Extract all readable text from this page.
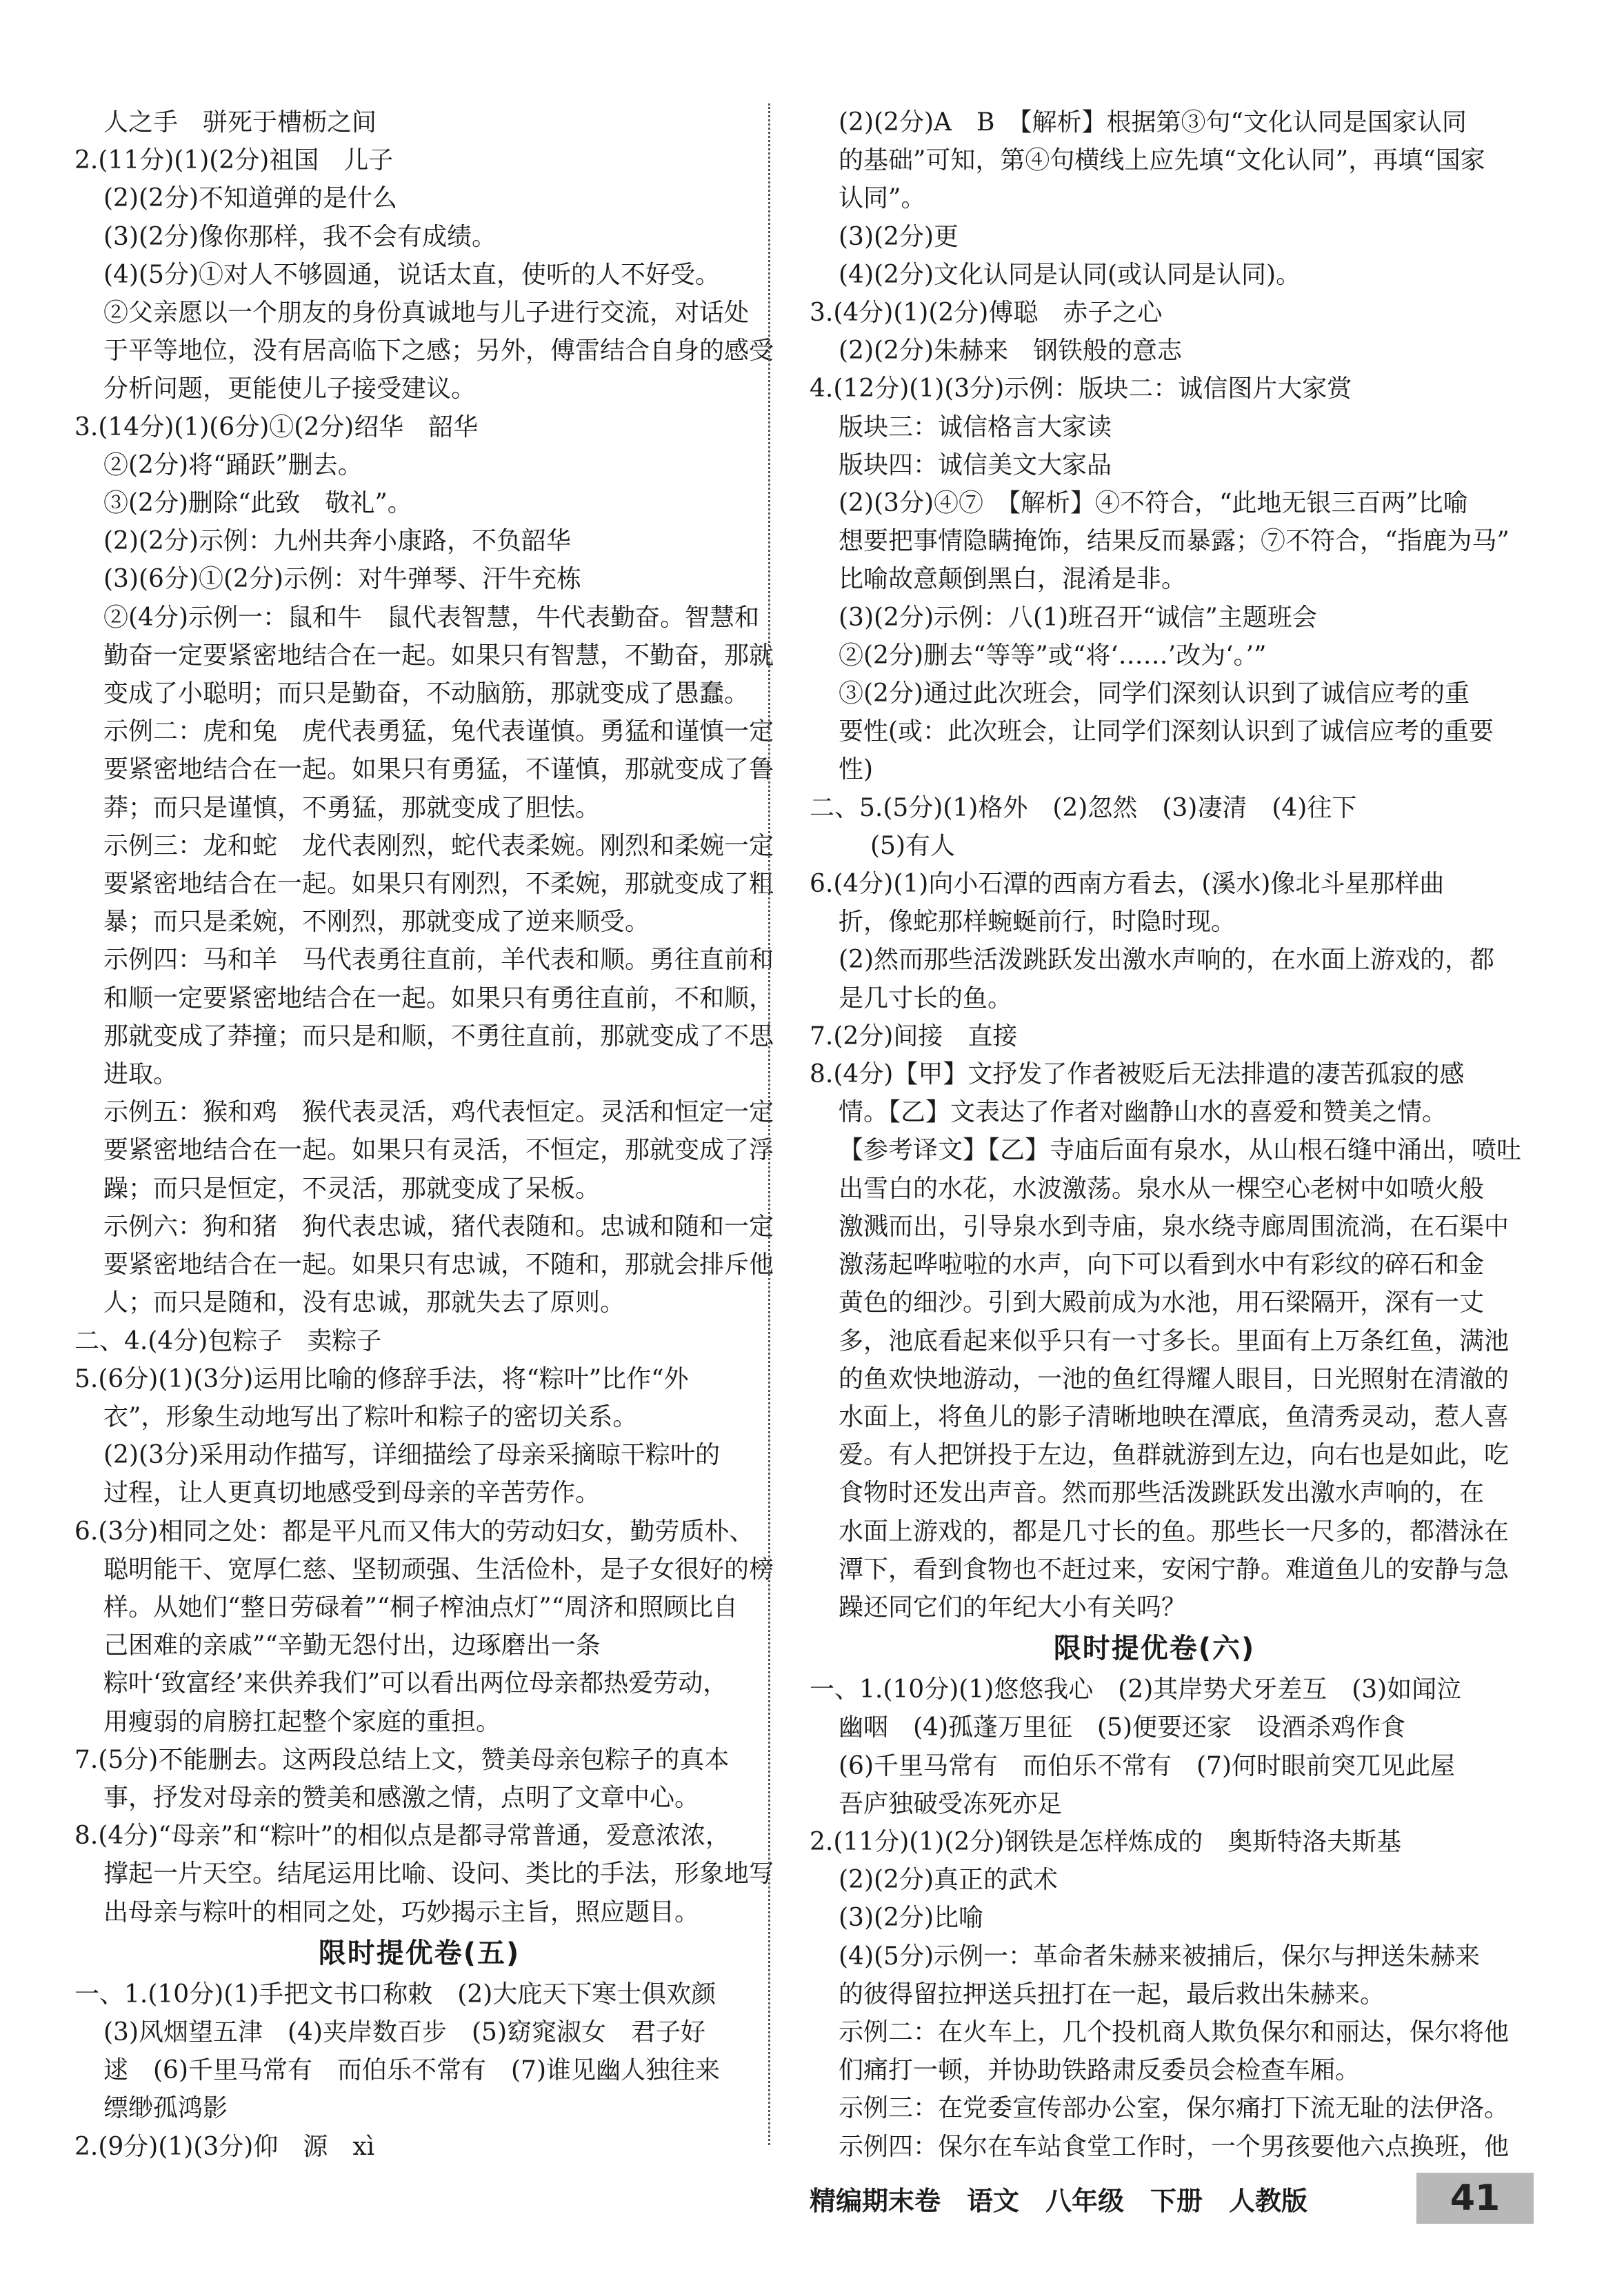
人之手　骈死于槽枥之间
2.(11分)(1)(2分)祖国　儿子
(2)(2分)不知道弹的是什么
(3)(2分)像你那样，我不会有成绩。
(4)(5分)①对人不够圆通，说话太直，使听的人不好受。
②父亲愿以一个朋友的身份真诚地与儿子进行交流，对话处
于平等地位，没有居高临下之感；另外，傅雷结合自身的感受
分析问题，更能使儿子接受建议。
3.(14分)(1)(6分)①(2分)绍华　韶华
②(2分)将“踊跃”删去。
③(2分)删除“此致　敬礼”。
(2)(2分)示例：九州共奔小康路，不负韶华
(3)(6分)①(2分)示例：对牛弹琴、汗牛充栋
②(4分)示例一：鼠和牛　鼠代表智慧，牛代表勤奋。智慧和
勤奋一定要紧密地结合在一起。如果只有智慧，不勤奋，那就
变成了小聪明；而只是勤奋，不动脑筋，那就变成了愚蠢。
示例二：虎和兔　虎代表勇猛，兔代表谨慎。勇猛和谨慎一定
要紧密地结合在一起。如果只有勇猛，不谨慎，那就变成了鲁
莽；而只是谨慎，不勇猛，那就变成了胆怯。
示例三：龙和蛇　龙代表刚烈，蛇代表柔婉。刚烈和柔婉一定
要紧密地结合在一起。如果只有刚烈，不柔婉，那就变成了粗
暴；而只是柔婉，不刚烈，那就变成了逆来顺受。
示例四：马和羊　马代表勇往直前，羊代表和顺。勇往直前和
和顺一定要紧密地结合在一起。如果只有勇往直前，不和顺，
那就变成了莽撞；而只是和顺，不勇往直前，那就变成了不思
进取。
示例五：猴和鸡　猴代表灵活，鸡代表恒定。灵活和恒定一定
要紧密地结合在一起。如果只有灵活，不恒定，那就变成了浮
躁；而只是恒定，不灵活，那就变成了呆板。
示例六：狗和猪　狗代表忠诚，猪代表随和。忠诚和随和一定
要紧密地结合在一起。如果只有忠诚，不随和，那就会排斥他
人；而只是随和，没有忠诚，那就失去了原则。
二、4.(4分)包粽子　卖粽子
5.(6分)(1)(3分)运用比喻的修辞手法，将“粽叶”比作“外
衣”，形象生动地写出了粽叶和粽子的密切关系。
(2)(3分)采用动作描写，详细描绘了母亲采摘晾干粽叶的
过程，让人更真切地感受到母亲的辛苦劳作。
6.(3分)相同之处：都是平凡而又伟大的劳动妇女，勤劳质朴、
聪明能干、宽厚仁慈、坚韧顽强、生活俭朴，是子女很好的榜
样。从她们“整日劳碌着”“桐子榨油点灯”“周济和照顾比自
己困难的亲戚”“辛勤无怨付出，边琢磨出一条
粽叶‘致富经’来供养我们”可以看出两位母亲都热爱劳动，
用瘦弱的肩膀扛起整个家庭的重担。
7.(5分)不能删去。这两段总结上文，赞美母亲包粽子的真本
事，抒发对母亲的赞美和感激之情，点明了文章中心。
8.(4分)“母亲”和“粽叶”的相似点是都寻常普通，爱意浓浓，
撑起一片天空。结尾运用比喻、设问、类比的手法，形象地写
出母亲与粽叶的相同之处，巧妙揭示主旨，照应题目。
限时提优卷(五)
一、1.(10分)(1)手把文书口称敕　(2)大庇天下寒士俱欢颜
(3)风烟望五津　(4)夹岸数百步　(5)窈窕淑女　君子好
逑　(6)千里马常有　而伯乐不常有　(7)谁见幽人独往来
缥缈孤鸿影
2.(9分)(1)(3分)仰　源　xì
(2)(2分)A　B　【解析】根据第③句“文化认同是国家认同
的基础”可知，第④句横线上应先填“文化认同”，再填“国家
认同”。
(3)(2分)更
(4)(2分)文化认同是认同(或认同是认同)。
3.(4分)(1)(2分)傅聪　赤子之心
(2)(2分)朱赫来　钢铁般的意志
4.(12分)(1)(3分)示例：版块二：诚信图片大家赏
版块三：诚信格言大家读
版块四：诚信美文大家品
(2)(3分)④⑦　【解析】④不符合，“此地无银三百两”比喻
想要把事情隐瞒掩饰，结果反而暴露；⑦不符合，“指鹿为马”
比喻故意颠倒黑白，混淆是非。
(3)(2分)示例：八(1)班召开“诚信”主题班会
②(2分)删去“等等”或“将‘……’改为‘。’”
③(2分)通过此次班会，同学们深刻认识到了诚信应考的重
要性(或：此次班会，让同学们深刻认识到了诚信应考的重要
性)
二、5.(5分)(1)格外　(2)忽然　(3)凄清　(4)往下
(5)有人
6.(4分)(1)向小石潭的西南方看去，(溪水)像北斗星那样曲
折，像蛇那样蜿蜒前行，时隐时现。
(2)然而那些活泼跳跃发出激水声响的，在水面上游戏的，都
是几寸长的鱼。
7.(2分)间接　直接
8.(4分)【甲】文抒发了作者被贬后无法排遣的凄苦孤寂的感
情。【乙】文表达了作者对幽静山水的喜爱和赞美之情。
【参考译文】【乙】寺庙后面有泉水，从山根石缝中涌出，喷吐
出雪白的水花，水波激荡。泉水从一棵空心老树中如喷火般
激溅而出，引导泉水到寺庙，泉水绕寺廊周围流淌，在石渠中
激荡起哗啦啦的水声，向下可以看到水中有彩纹的碎石和金
黄色的细沙。引到大殿前成为水池，用石梁隔开，深有一丈
多，池底看起来似乎只有一寸多长。里面有上万条红鱼，满池
的鱼欢快地游动，一池的鱼红得耀人眼目，日光照射在清澈的
水面上，将鱼儿的影子清晰地映在潭底，鱼清秀灵动，惹人喜
爱。有人把饼投于左边，鱼群就游到左边，向右也是如此，吃
食物时还发出声音。然而那些活泼跳跃发出激水声响的，在
水面上游戏的，都是几寸长的鱼。那些长一尺多的，都潜泳在
潭下，看到食物也不赶过来，安闲宁静。难道鱼儿的安静与急
躁还同它们的年纪大小有关吗？
限时提优卷(六)
一、1.(10分)(1)悠悠我心　(2)其岸势犬牙差互　(3)如闻泣
幽咽　(4)孤蓬万里征　(5)便要还家　设酒杀鸡作食
(6)千里马常有　而伯乐不常有　(7)何时眼前突兀见此屋
吾庐独破受冻死亦足
2.(11分)(1)(2分)钢铁是怎样炼成的　奥斯特洛夫斯基
(2)(2分)真正的武术
(3)(2分)比喻
(4)(5分)示例一：革命者朱赫来被捕后，保尔与押送朱赫来
的彼得留拉押送兵扭打在一起，最后救出朱赫来。
示例二：在火车上，几个投机商人欺负保尔和丽达，保尔将他
们痛打一顿，并协助铁路肃反委员会检查车厢。
示例三：在党委宣传部办公室，保尔痛打下流无耻的法伊洛。
示例四：保尔在车站食堂工作时，一个男孩要他六点换班，他
精编期末卷　语文　八年级　下册　人教版	41
